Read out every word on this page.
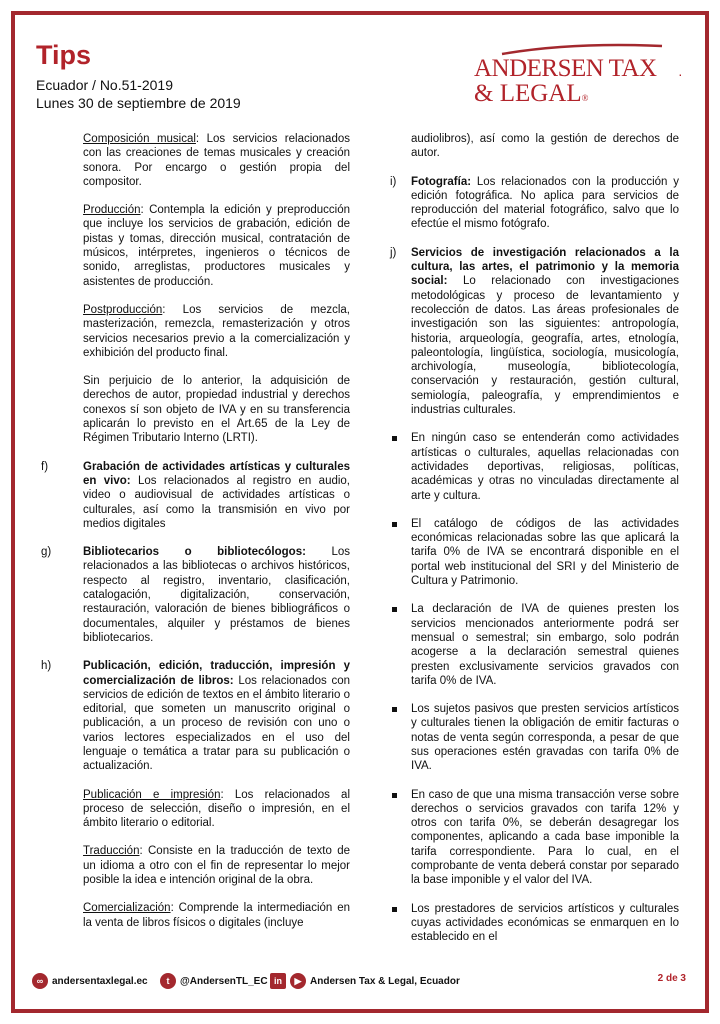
Tips
Ecuador / No.51-2019
Lunes 30 de septiembre de 2019
ANDERSEN TAX
& LEGAL®
·

Composición musical: Los servicios relacionados con las creaciones de temas musicales y creación sonora. Por encargo o gestión propia del compositor.

Producción: Contempla la edición y preproducción que incluye los servicios de grabación, edición de pistas y tomas, dirección musical, contratación de músicos, intérpretes, ingenieros o técnicos de sonido, arreglistas, productores musicales y asistentes de producción.

Postproducción: Los servicios de mezcla, masterización, remezcla, remasterización y otros servicios necesarios previo a la comercialización y exhibición del producto final.

Sin perjuicio de lo anterior, la adquisición de derechos de autor, propiedad industrial y derechos conexos sí son objeto de IVA y en su transferencia aplicarán lo previsto en el Art.65 de la Ley de Régimen Tributario Interno (LRTI).

f)	Grabación de actividades artísticas y culturales en vivo: Los relacionados al registro en audio, video o audiovisual de actividades artísticas o culturales, así como la transmisión en vivo por medios digitales
g)	Bibliotecarios o bibliotecólogos: Los relacionados a las bibliotecas o archivos históricos, respecto al registro, inventario, clasificación, catalogación, digitalización, conservación, restauración, valoración de bienes bibliográficos o documentales, alquiler y préstamos de bienes bibliotecarios.
h)	Publicación, edición, traducción, impresión y comercialización de libros: Los relacionados con servicios de edición de textos en el ámbito literario o editorial, que someten un manuscrito original o publicación, a un proceso de revisión con uno o varios lectores especializados en el uso del lenguaje o temática a tratar para su publicación o actualización.

Publicación e impresión: Los relacionados al proceso de selección, diseño o impresión, en el ámbito literario o editorial.

Traducción: Consiste en la traducción de texto de un idioma a otro con el fin de representar lo mejor posible la idea e intención original de la obra.

Comercialización: Comprende la intermediación en la venta de libros físicos o digitales (incluye

audiolibros), así como la gestión de derechos de autor.

i) Fotografía: Los relacionados con la producción y edición fotográfica. No aplica para servicios de reproducción del material fotográfico, salvo que lo efectúe el mismo fotógrafo.
j) Servicios de investigación relacionados a la cultura, las artes, el patrimonio y la memoria social: Lo relacionado con investigaciones metodológicas y proceso de levantamiento y recolección de datos. Las áreas profesionales de investigación son las siguientes: antropología, historia, arqueología, geografía, artes, etnología, paleontología, lingüística, sociología, musicología, archivología, museología, bibliotecología, conservación y restauración, gestión cultural, semiología, paleografía, y emprendimientos e industrias culturales.
En ningún caso se entenderán como actividades artísticas o culturales, aquellas relacionadas con actividades deportivas, religiosas, políticas, académicas y otras no vinculadas directamente al arte y cultura.
El catálogo de códigos de las actividades económicas relacionadas sobre las que aplicará la tarifa 0% de IVA se encontrará disponible en el portal web institucional del SRI y del Ministerio de Cultura y Patrimonio.
La declaración de IVA de quienes presten los servicios mencionados anteriormente podrá ser mensual o semestral; sin embargo, solo podrán acogerse a la declaración semestral quienes presten exclusivamente servicios gravados con tarifa 0% de IVA.
Los sujetos pasivos que presten servicios artísticos y culturales tienen la obligación de emitir facturas o notas de venta según corresponda, a pesar de que sus operaciones estén gravadas con tarifa 0% de IVA.
En caso de que una misma transacción verse sobre derechos o servicios gravados con tarifa 12% y otros con tarifa 0%, se deberán desagregar los componentes, aplicando a cada base imponible la tarifa correspondiente. Para lo cual, en el comprobante de venta deberá constar por separado la base imponible y el valor del IVA.
Los prestadores de servicios artísticos y culturales cuyas actividades económicas se enmarquen en lo establecido en el
∞ andersentaxlegal.ec	t	@AndersenTL_EC in	▶ Andersen Tax & Legal, Ecuador	2 de 3
